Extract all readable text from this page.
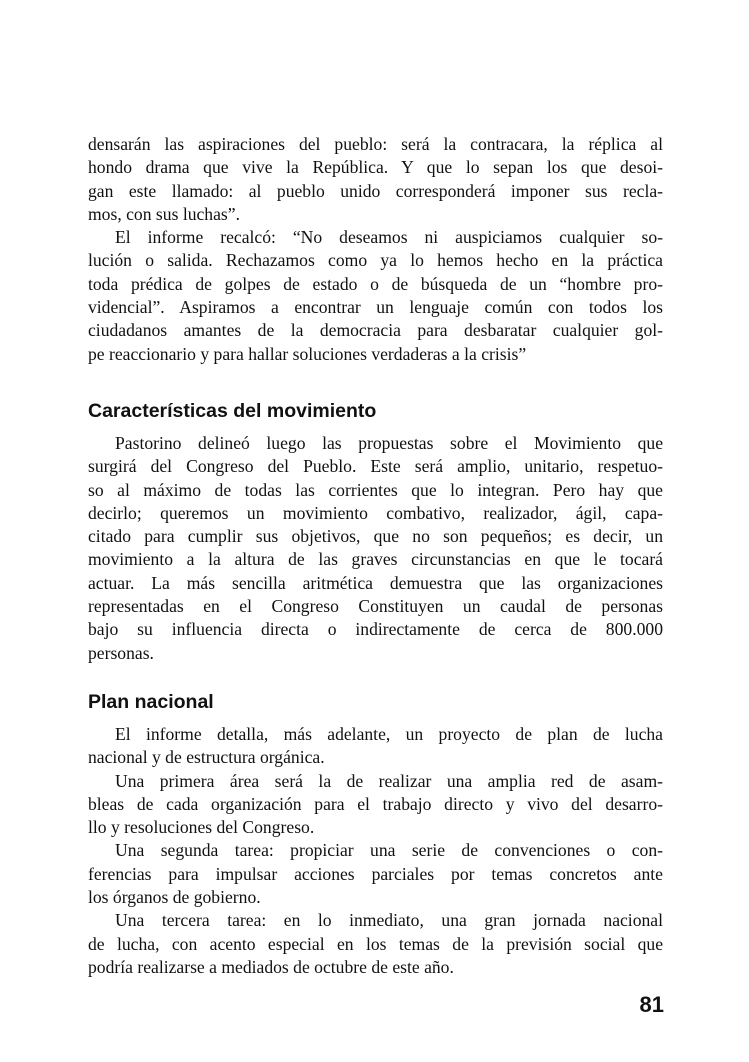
densarán las aspiraciones del pueblo: será la contracara, la réplica al
hondo drama que vive la República. Y que lo sepan los que desoi-
gan este llamado: al pueblo unido corresponderá imponer sus recla-
mos, con sus luchas”.
El informe recalcó: “No deseamos ni auspiciamos cualquier so-
lución o salida. Rechazamos como ya lo hemos hecho en la práctica
toda prédica de golpes de estado o de búsqueda de un “hombre pro-
videncial”. Aspiramos a encontrar un lenguaje común con todos los
ciudadanos amantes de la democracia para desbaratar cualquier gol-
pe reaccionario y para hallar soluciones verdaderas a la crisis”
Características del movimiento
Pastorino delineó luego las propuestas sobre el Movimiento que
surgirá del Congreso del Pueblo. Este será amplio, unitario, respetuo-
so al máximo de todas las corrientes que lo integran. Pero hay que
decirlo; queremos un movimiento combativo, realizador, ágil, capa-
citado para cumplir sus objetivos, que no son pequeños; es decir, un
movimiento a la altura de las graves circunstancias en que le tocará
actuar. La más sencilla aritmética demuestra que las organizaciones
representadas en el Congreso Constituyen un caudal de personas
bajo su influencia directa o indirectamente de cerca de 800.000
personas.
Plan nacional
El informe detalla, más adelante, un proyecto de plan de lucha
nacional y de estructura orgánica.
Una primera área será la de realizar una amplia red de asam-
bleas de cada organización para el trabajo directo y vivo del desarro-
llo y resoluciones del Congreso.
Una segunda tarea: propiciar una serie de convenciones o con-
ferencias para impulsar acciones parciales por temas concretos ante
los órganos de gobierno.
Una tercera tarea: en lo inmediato, una gran jornada nacional
de lucha, con acento especial en los temas de la previsión social que
podría realizarse a mediados de octubre de este año.
81
